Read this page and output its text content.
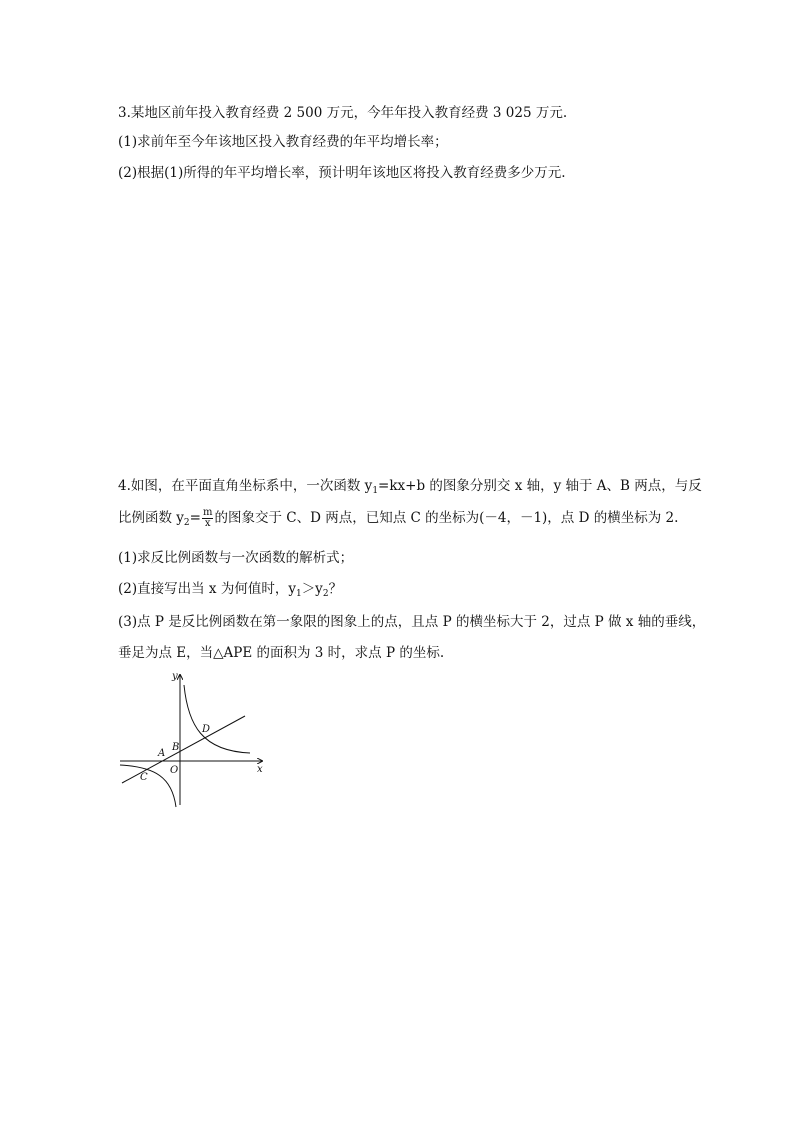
3.某地区前年投入教育经费 2 500 万元，今年年投入教育经费 3 025 万元.
(1)求前年至今年该地区投入教育经费的年平均增长率；
(2)根据(1)所得的年平均增长率，预计明年该地区将投入教育经费多少万元.
4.如图，在平面直角坐标系中，一次函数 $y_1=kx+b$ 的图象分别交 x 轴，y 轴于 A、B 两点，与反
比例函数 $y_2= \frac{m}{x}$ 的图象交于 C、D 两点，已知点 C 的坐标为(－4，－1)，点 D 的横坐标为 2.
(1)求反比例函数与一次函数的解析式；
(2)直接写出当 x 为何值时，$y_1>y_2$？
(3)点 P 是反比例函数在第一象限的图象上的点，且点 P 的横坐标大于 2，过点 P 做 x 轴的垂线，
垂足为点 E，当△APE 的面积为 3 时，求点 P 的坐标.
y
x
O
A
B
C
D
